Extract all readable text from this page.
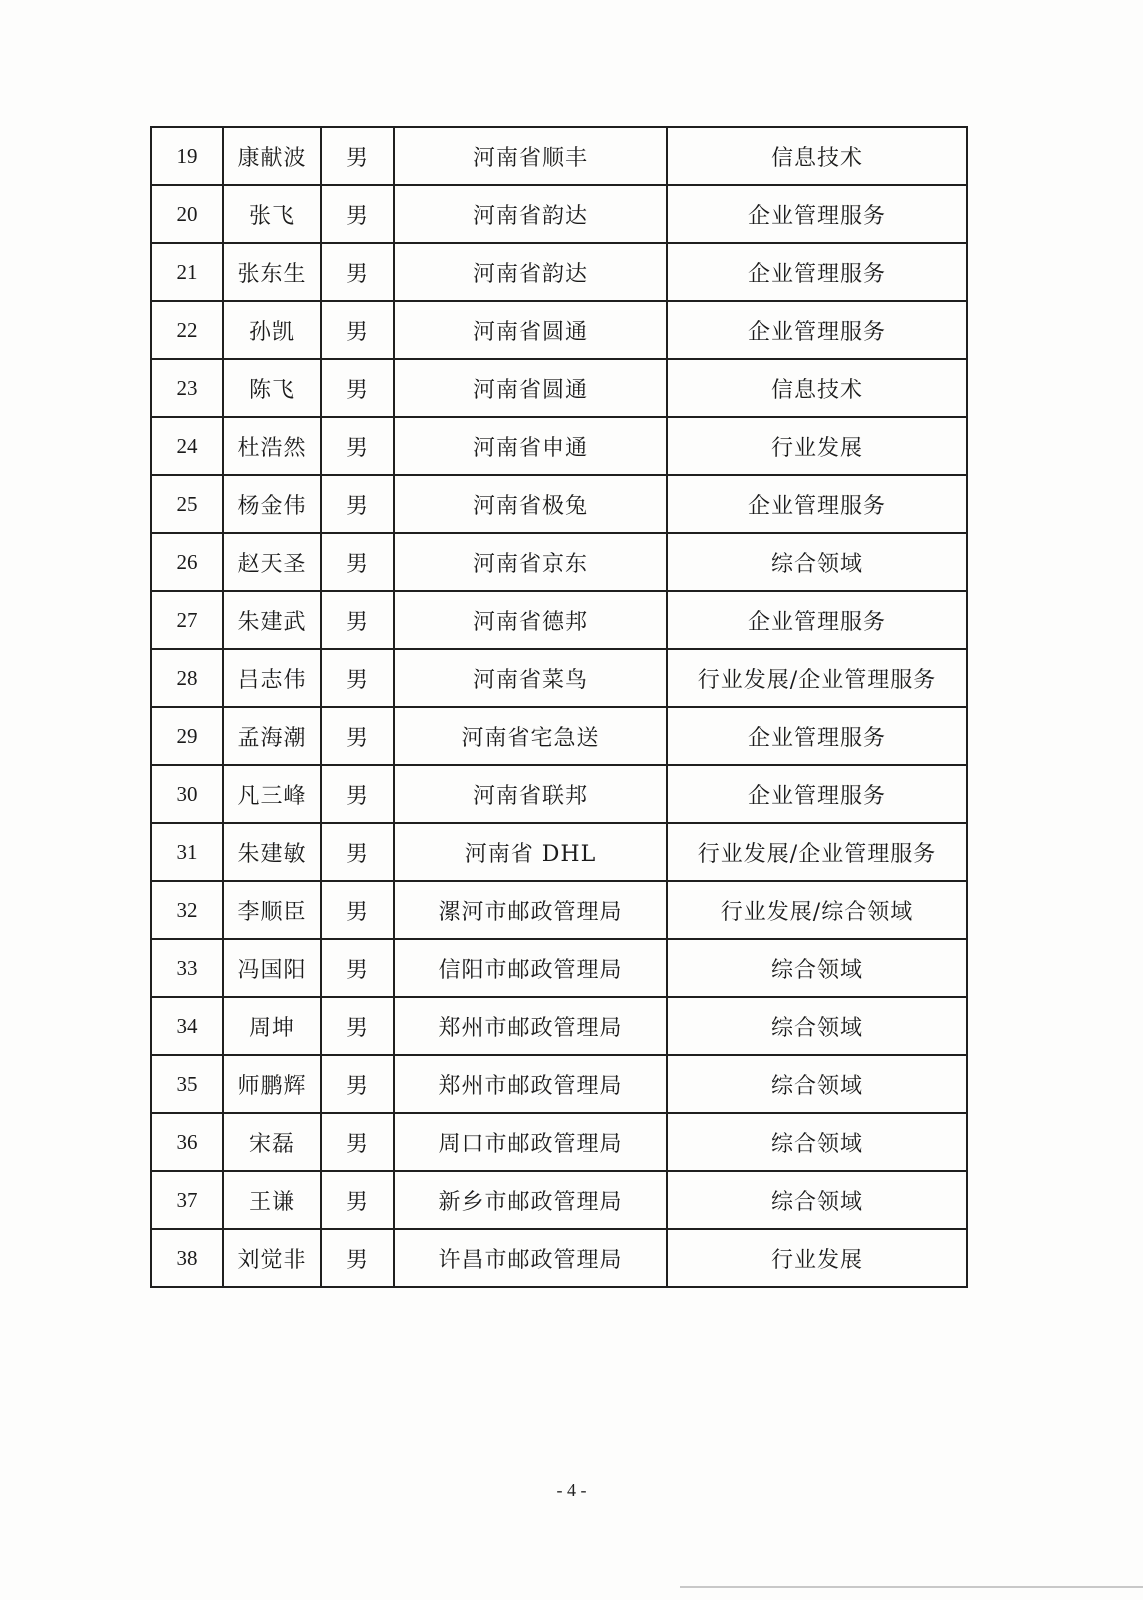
19	康献波	男	河南省顺丰	信息技术
20	张飞	男	河南省韵达	企业管理服务
21	张东生	男	河南省韵达	企业管理服务
22	孙凯	男	河南省圆通	企业管理服务
23	陈飞	男	河南省圆通	信息技术
24	杜浩然	男	河南省申通	行业发展
25	杨金伟	男	河南省极兔	企业管理服务
26	赵天圣	男	河南省京东	综合领域
27	朱建武	男	河南省德邦	企业管理服务
28	吕志伟	男	河南省菜鸟	行业发展/企业管理服务
29	孟海潮	男	河南省宅急送	企业管理服务
30	凡三峰	男	河南省联邦	企业管理服务
31	朱建敏	男	河南省 DHL	行业发展/企业管理服务
32	李顺臣	男	漯河市邮政管理局	行业发展/综合领域
33	冯国阳	男	信阳市邮政管理局	综合领域
34	周坤	男	郑州市邮政管理局	综合领域
35	师鹏辉	男	郑州市邮政管理局	综合领域
36	宋磊	男	周口市邮政管理局	综合领域
37	王谦	男	新乡市邮政管理局	综合领域
38	刘觉非	男	许昌市邮政管理局	行业发展
- 4 -
